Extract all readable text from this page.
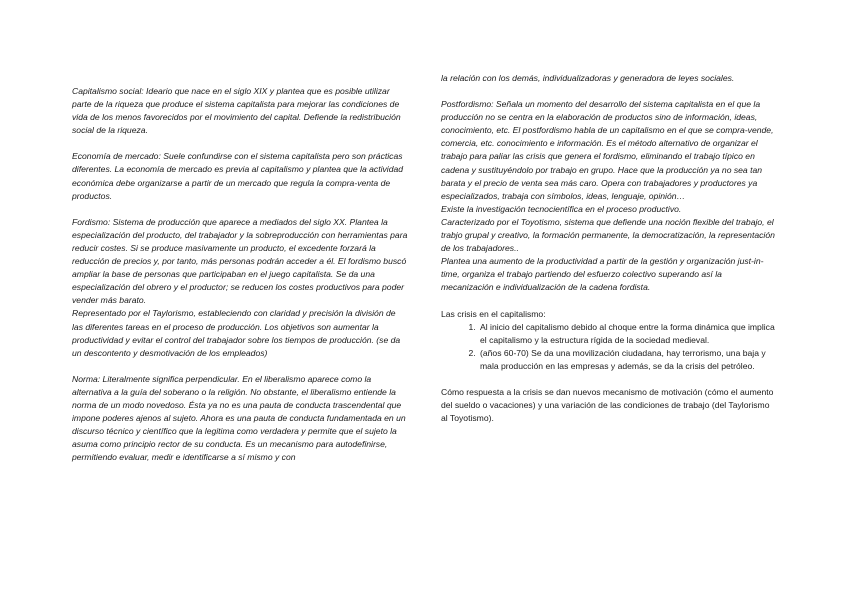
Capitalismo social: Ideario que nace en el siglo XIX y plantea que es posible utilizar parte de la riqueza que produce el sistema capitalista para mejorar las condiciones de vida de los menos favorecidos por el movimiento del capital. Defiende la redistribución social de la riqueza.

Economía de mercado: Suele confundirse con el sistema capitalista pero son prácticas diferentes. La economía de mercado es previa al capitalismo y plantea que la actividad económica debe organizarse a partir de un mercado que regula la compra-venta de productos.

Fordismo: Sistema de producción que aparece a mediados del siglo XX. Plantea la especialización del producto, del trabajador y la sobreproducción con herramientas para reducir costes. Si se produce masivamente un producto, el excedente forzará la reducción de precios y, por tanto, más personas podrán acceder a él. El fordismo buscó ampliar la base de personas que participaban en el juego capitalista. Se da una especialización del obrero y el productor; se reducen los costes productivos para poder vender más barato.

Representado por el Taylorismo, estableciendo con claridad y precisión la división de las diferentes tareas en el proceso de producción. Los objetivos son aumentar la productividad y evitar el control del trabajador sobre los tiempos de producción. (se da un descontento y desmotivación de los empleados)

Norma: Literalmente significa perpendicular. En el liberalismo aparece como la alternativa a la guía del soberano o la religión. No obstante, el liberalismo entiende la norma de un modo novedoso. Ésta ya no es una pauta de conducta trascendental que impone poderes ajenos al sujeto. Ahora es una pauta de conducta fundamentada en un discurso técnico y científico que la legitima como verdadera y permite que el sujeto la asuma como principio rector de su conducta. Es un mecanismo para autodefinirse, permitiendo evaluar, medir e identificarse a sí mismo y con

la relación con los demás, individualizadoras y generadora de leyes sociales.

Postfordismo: Señala un momento del desarrollo del sistema capitalista en el que la producción no se centra en la elaboración de productos sino de información, ideas, conocimiento, etc. El postfordismo habla de un capitalismo en el que se compra-vende, comercia, etc. conocimiento e información. Es el método alternativo de organizar el trabajo para paliar las crisis que genera el fordismo, eliminando el trabajo típico en cadena y sustituyéndolo por trabajo en grupo. Hace que la producción ya no sea tan barata y el precio de venta sea más caro. Opera con trabajadores y productores ya especializados, trabaja con símbolos, ideas, lenguaje, opinión…

Existe la investigación tecnocientífica en el proceso productivo.

Caracterizado por el Toyotismo, sistema que defiende una noción flexible del trabajo, el trabjo grupal y creativo, la formación permanente, la democratización, la representación de los trabajadores..

Plantea una aumento de la productividad a partir de la gestión y organización just-in-time, organiza el trabajo partiendo del esfuerzo colectivo superando así la mecanización e individualización de la cadena fordista.

Las crisis en el capitalismo:

1. Al inicio del capitalismo debido al choque entre la forma dinámica que implica el capitalismo y la estructura rígida de la sociedad medieval.
2. (años 60-70) Se da una movilización ciudadana, hay terrorismo, una baja y mala producción en las empresas y además, se da la crisis del petróleo.

Cómo respuesta a la crisis se dan nuevos mecanismo de motivación (cómo el aumento del sueldo o vacaciones) y una variación de las condiciones de trabajo (del Taylorismo al Toyotismo).
